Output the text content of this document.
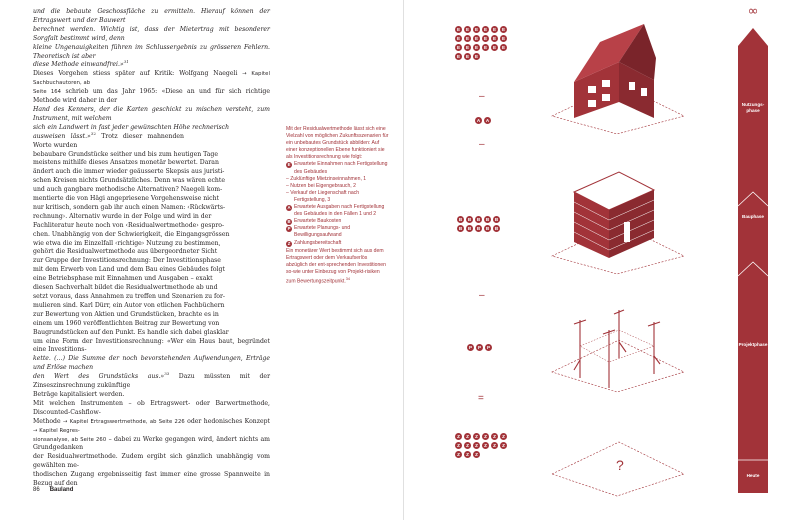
und die bebaute Geschossfläche zu ermitteln. Hierauf können der Ertragswert und der Bauwert

berechnet werden. Wichtig ist, dass der Mietertrag mit besonderer Sorgfalt bestimmt wird, denn

kleine Ungenauigkeiten führen im Schlussergebnis zu grösseren Fehlern. Theoretisch ist aber

diese Methode einwandfrei.»$^{31}$

Dieses Vorgehen stiess später auf Kritik: Wolfgang Naegeli → Kapitel Sachbuchautoren, ab

Seite 164 schrieb um das Jahr 1965: «Diese an und für sich richtige Methode wird daher in der

Hand des Kenners, der die Karten geschickt zu mischen versteht, zum Instrument, mit welchem

sich ein Landwert in fast jeder gewünschten Höhe rechnerisch

ausweisen lässt.»$^{32}$ Trotz dieser mahnenden Worte wurden

bebaubare Grundstücke seither und bis zum heutigen Tage

meistens mithilfe dieses Ansatzes monetär bewertet. Daran

ändert auch die immer wieder geäusserte Skepsis aus juristi-

schen Kreisen nichts Grundsätzliches. Denn was wären echte

und auch gangbare methodische Alternativen? Naegeli kom-

mentierte die von Hägi angepriesene Vorgehensweise nicht

nur kritisch, sondern gab ihr auch einen Namen: ‹Rückwärts-

rechnung›. Alternativ wurde in der Folge und wird in der

Fachliteratur heute noch von ‹Residualwertmethode› gespro-

chen. Unabhängig von der Schwierigkeit, die Eingangsgrössen

wie etwa die im Einzelfall ‹richtige› Nutzung zu bestimmen,

gehört die Residualwertmethode aus übergeordneter Sicht

zur Gruppe der Investitionsrechnung: Der Investitionsphase

mit dem Erwerb von Land und dem Bau eines Gebäudes folgt

eine Betriebsphase mit Einnahmen und Ausgaben – exakt

diesen Sachverhalt bildet die Residualwertmethode ab und

setzt voraus, dass Annahmen zu treffen und Szenarien zu for-

mulieren sind. Karl Dürr, ein Autor von etlichen Fachbüchern

zur Bewertung von Aktien und Grundstücken, brachte es in

einem um 1960 veröffentlichten Beitrag zur Bewertung von

Baugrundstücken auf den Punkt. Es handle sich dabei glasklar

um eine Form der Investitionsrechnung: «Wer ein Haus baut, begründet eine Investitions-

kette. (…) Die Summe der noch bevorstehenden Aufwendungen, Erträge und Erlöse machen

den Wert des Grundstücks aus.»$^{33}$ Dazu müssten mit der Zinseszinsrechnung zukünftige

Beträge kapitalisiert werden.

Mit welchen Instrumenten – ob Ertragswert- oder Barwertmethode, Discounted-Cashflow-

Methode → Kapitel Ertragswertmethode, ab Seite 226 oder hedonisches Konzept → Kapitel Regres-

sionsanalyse, ab Seite 260 – dabei zu Werke gegangen wird, ändert nichts am Grundgedanken

der Residualwertmethode. Zudem ergibt sich gänzlich unabhängig vom gewählten me-

thodischen Zugang ergebnisseitig fast immer eine grosse Spannweite in Bezug auf den

Mit der Residualwertmethode lässt sich eine Vielzahl von möglichen Zukunftsszenarien für ein unbebautes Grundstück abbilden: Auf einer konzeptionellen Ebene funktioniert sie als Investitionsrechnung wie folgt:
E Erwartete Einnahmen nach Fertigstellung des Gebäudes
– Zuklünftige Mietzinseinnahmen, 1
– Nutzen bei Eigengebrauch, 2
– Verkauf der Liegenschaft nach Fertigstellung, 3
A Erwartete Ausgaben nach Fertigstellung des Gebäudes in den Fällen 1 und 2
B Erwartete Baukosten
P Erwartete Planungs- und Bewilligungsaufwand
Z Zahlungsbereitschaft
Ein monetärer Wert bestimmt sich aus dem Ertragswert oder dem Verkaufserlös abzüglich der ent-sprechenden Investitionen so-wie unter Einbezug von Projekt-risiken zum Bewertungszeitpunkt.$^{34}$
86 Bauland
E	E	E	E	E	E
E	E	E	E	E	E
E	E	E	E	E	E
E	E	E
–
A	A
–
B	B	B	B	B
B	B	B	B	B
–
P	P	P
=
Z	Z	Z	Z	Z	Z
Z	Z	Z	Z	Z	Z
Z	Z	Z
?
∞
Nutzungs-
phase
Bauphase
Projektphase
Heute
